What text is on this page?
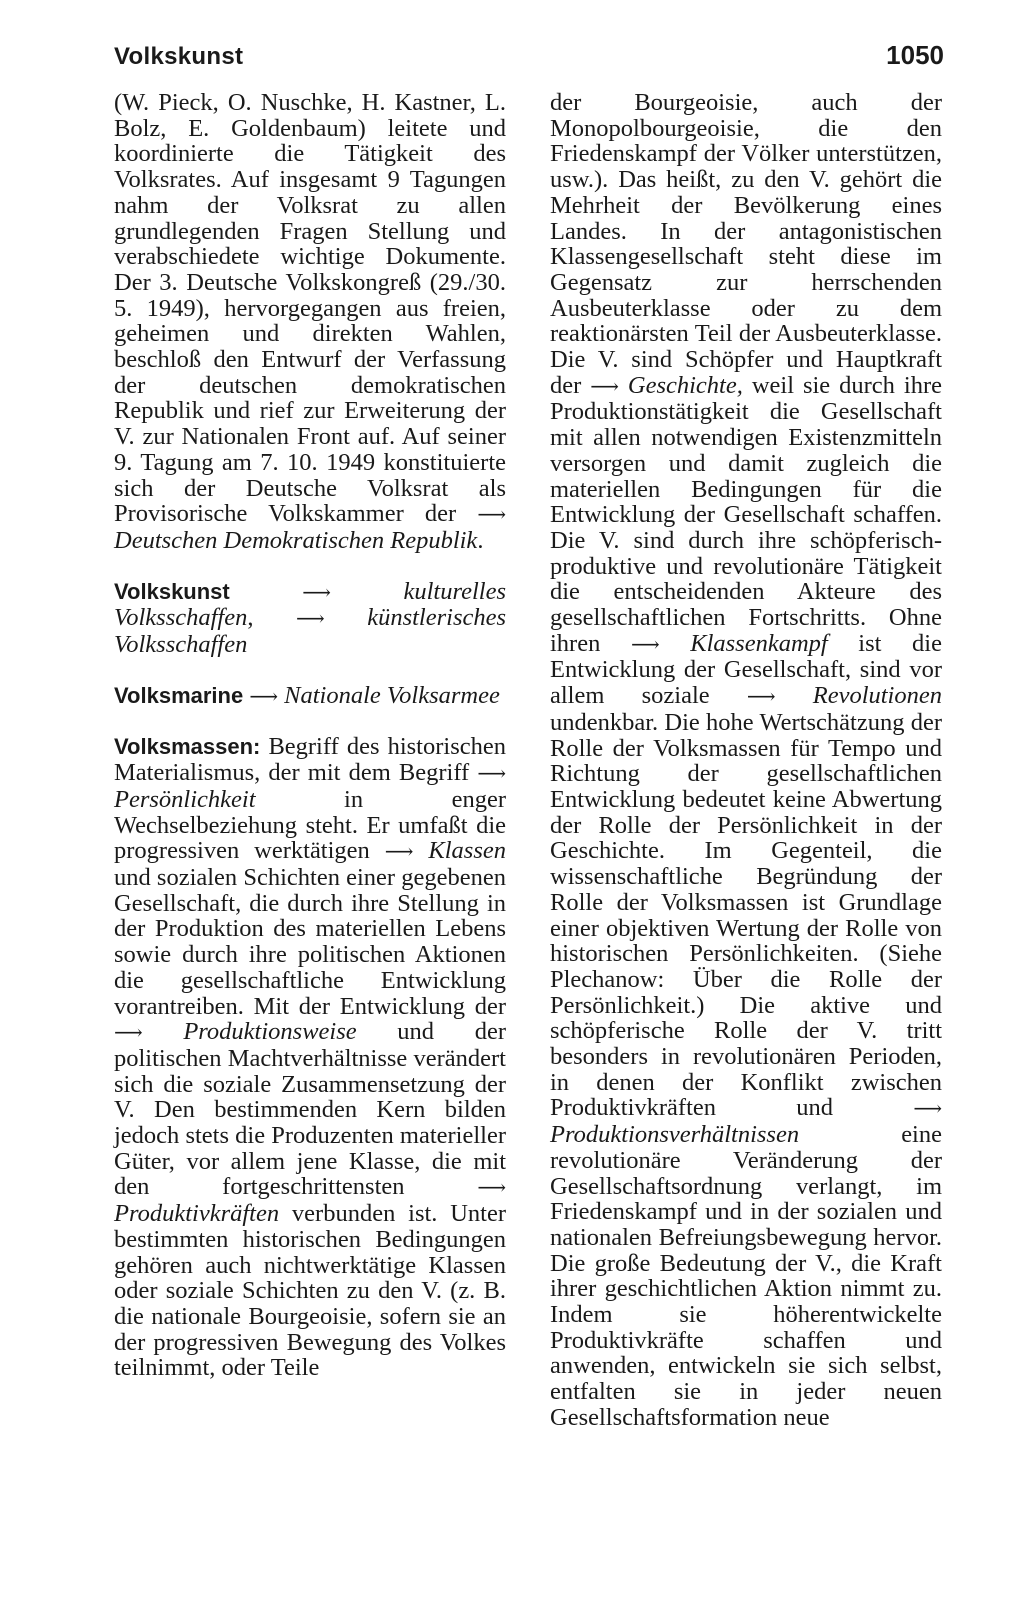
Volkskunst	1050

(W. Pieck, O. Nuschke, H. Kastner, L. Bolz, E. Goldenbaum) leitete und koordinierte die Tätigkeit des Volksrates. Auf insgesamt 9 Tagungen nahm der Volksrat zu allen grundlegenden Fragen Stellung und verabschiedete wichtige Dokumente. Der 3. Deutsche Volkskongreß (29./30. 5. 1949), hervorgegangen aus freien, geheimen und direkten Wahlen, beschloß den Entwurf der Verfassung der deutschen demokratischen Republik und rief zur Erweiterung der V. zur Nationalen Front auf. Auf seiner 9. Tagung am 7. 10. 1949 konstituierte sich der Deutsche Volksrat als Provisorische Volkskammer der ⟶ Deutschen Demokratischen Republik.

Volkskunst	⟶	kulturelles Volksschaffen, ⟶ künstlerisches Volksschaffen

Volksmarine ⟶ Nationale Volksarmee

Volksmassen: Begriff des historischen Materialismus, der mit dem Begriff ⟶ Persönlichkeit in enger Wechselbeziehung steht. Er umfaßt die progressiven werktätigen ⟶ Klassen und sozialen Schichten einer gegebenen Gesellschaft, die durch ihre Stellung in der Produktion des materiellen Lebens sowie durch ihre politischen Aktionen die gesellschaftliche Entwicklung vorantreiben. Mit der Entwicklung der ⟶ Produktionsweise und der politischen Machtverhältnisse verändert sich die soziale Zusammensetzung der V. Den bestimmenden Kern bilden jedoch stets die Produzenten materieller Güter, vor allem jene Klasse, die mit den fortgeschrittensten ⟶ Produktivkräften verbunden ist. Unter bestimmten historischen Bedingungen gehören auch nichtwerktätige Klassen oder soziale Schichten zu den V. (z. B. die nationale Bourgeoisie, sofern sie an der progressiven Bewegung des Volkes teilnimmt, oder Teile

der Bourgeoisie, auch der Monopolbourgeoisie, die den Friedenskampf der Völker unterstützen, usw.). Das heißt, zu den V. gehört die Mehrheit der Bevölkerung eines Landes. In der antagonistischen Klassengesellschaft steht diese im Gegensatz zur herrschenden Ausbeuterklasse oder zu dem reaktionärsten Teil der Ausbeuterklasse. Die V. sind Schöpfer und Hauptkraft der ⟶ Geschichte, weil sie durch ihre Produktionstätigkeit die Gesellschaft mit allen notwendigen Existenzmitteln versorgen und damit zugleich die materiellen Bedingungen für die Entwicklung der Gesellschaft schaffen. Die V. sind durch ihre schöpferisch-produktive und revolutionäre Tätigkeit die entscheidenden Akteure des gesellschaftlichen Fortschritts. Ohne ihren ⟶ Klassenkampf ist die Entwicklung der Gesellschaft, sind vor allem soziale ⟶ Revolutionen undenkbar. Die hohe Wertschätzung der Rolle der Volksmassen für Tempo und Richtung der gesellschaftlichen Entwicklung bedeutet keine Abwertung der Rolle der Persönlichkeit in der Geschichte. Im Gegenteil, die wissenschaftliche Begründung der Rolle der Volksmassen ist Grundlage einer objektiven Wertung der Rolle von historischen Persönlichkeiten. (Siehe Plechanow: Über die Rolle der Persönlichkeit.) Die aktive und schöpferische Rolle der V. tritt besonders in revolutionären Perioden, in denen der Konflikt zwischen Produktivkräften und ⟶ Produktionsverhältnissen eine revolutionäre Veränderung der Gesellschaftsordnung verlangt, im Friedenskampf und in der sozialen und nationalen Befreiungsbewegung hervor. Die große Bedeutung der V., die Kraft ihrer geschichtlichen Aktion nimmt zu. Indem sie höherentwickelte Produktivkräfte schaffen und anwenden, entwickeln sie sich selbst, entfalten sie in jeder neuen Gesellschaftsformation neue
